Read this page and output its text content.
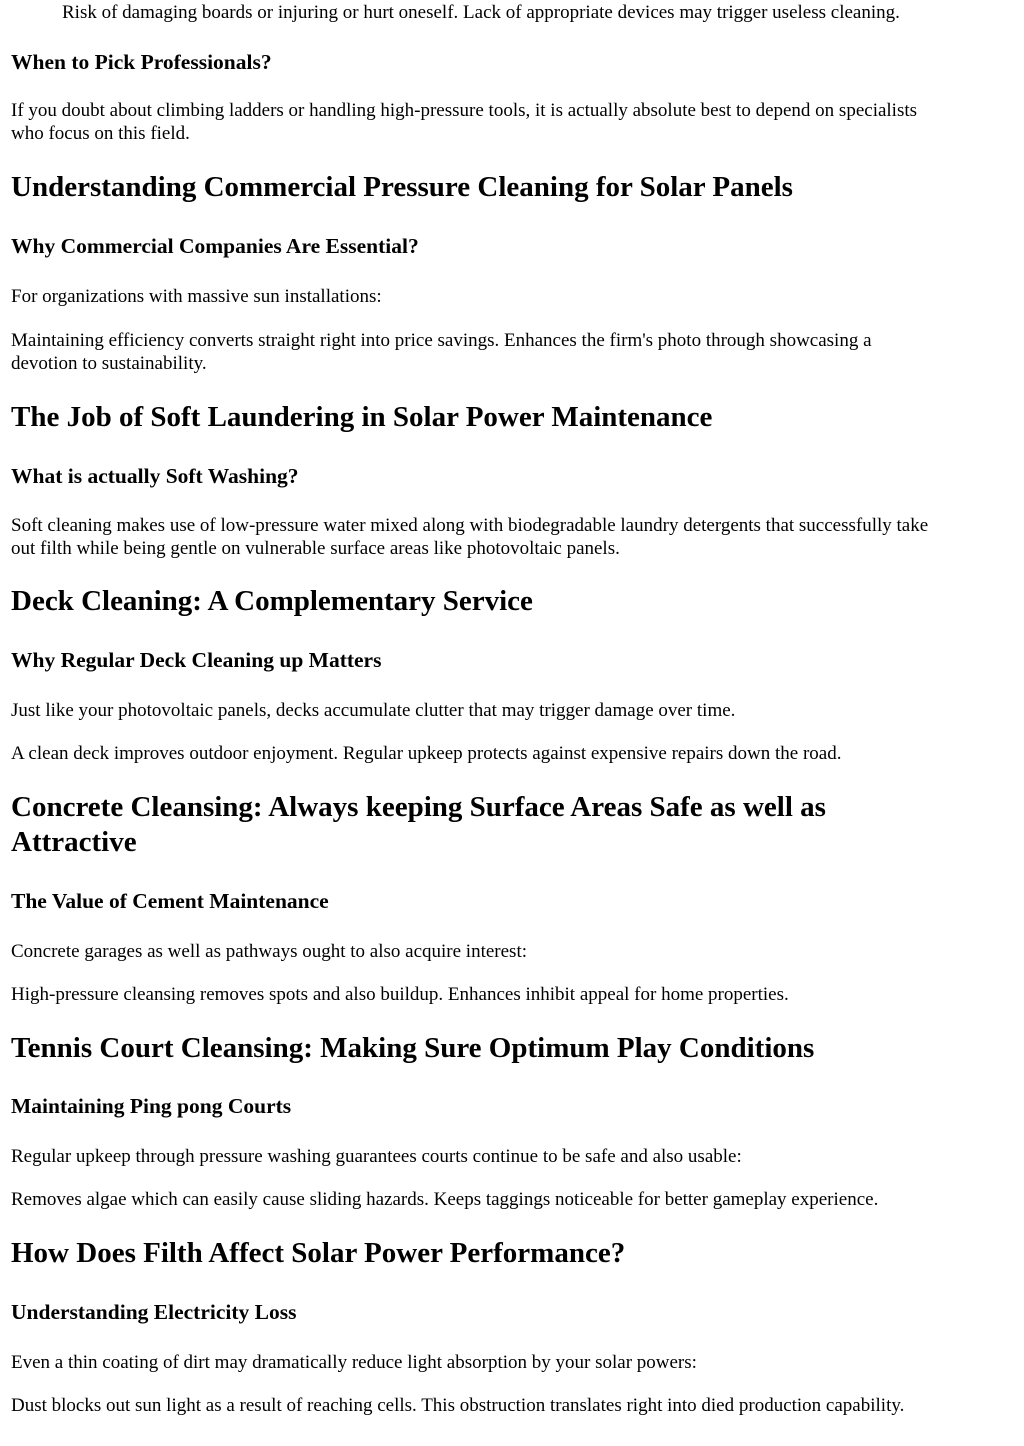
Risk of damaging boards or injuring or hurt oneself. Lack of appropriate devices may trigger useless cleaning.

When to Pick Professionals?

If you doubt about climbing ladders or handling high-pressure tools, it is actually absolute best to depend on specialists

who focus on this field.

Understanding Commercial Pressure Cleaning for Solar Panels
Why Commercial Companies Are Essential?

For organizations with massive sun installations:

Maintaining efficiency converts straight right into price savings. Enhances the firm's photo through showcasing a

devotion to sustainability.

The Job of Soft Laundering in Solar Power Maintenance
What is actually Soft Washing?

Soft cleaning makes use of low-pressure water mixed along with biodegradable laundry detergents that successfully take

out filth while being gentle on vulnerable surface areas like photovoltaic panels.

Deck Cleaning: A Complementary Service
Why Regular Deck Cleaning up Matters

Just like your photovoltaic panels, decks accumulate clutter that may trigger damage over time.

A clean deck improves outdoor enjoyment. Regular upkeep protects against expensive repairs down the road.

Concrete Cleansing: Always keeping Surface Areas Safe as well as
Attractive
The Value of Cement Maintenance

Concrete garages as well as pathways ought to also acquire interest:

High-pressure cleansing removes spots and also buildup. Enhances inhibit appeal for home properties.

Tennis Court Cleansing: Making Sure Optimum Play Conditions
Maintaining Ping pong Courts

Regular upkeep through pressure washing guarantees courts continue to be safe and also usable:

Removes algae which can easily cause sliding hazards. Keeps taggings noticeable for better gameplay experience.

How Does Filth Affect Solar Power Performance?
Understanding Electricity Loss

Even a thin coating of dirt may dramatically reduce light absorption by your solar powers:

Dust blocks out sun light as a result of reaching cells. This obstruction translates right into died production capability.
